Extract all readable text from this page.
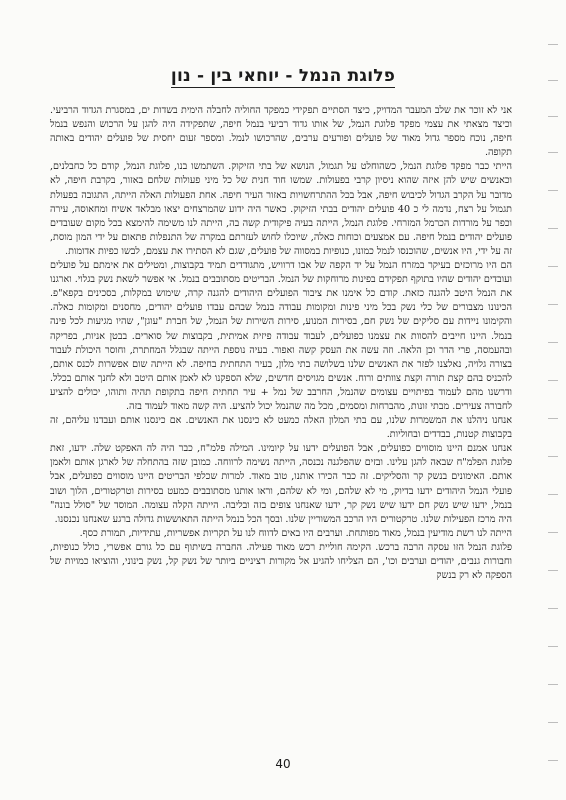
פלוגת הנמל - יוחאי בין - נון

אני לא זוכר את שלב המעבר המדויק, כיצד הסתיים תפקידי כמפקד החוליה לחבלה הימית בשדות ים, במסגרת הגדוד הרביעי. וכיצד מצאתי את עצמי מפקד פלוגת הנמל, של אותו גדוד רביעי בנמל חיפה, שתפקידה היה להגן על הרכוש והנפש בנמל חיפה, נוכח מספר גדול מאוד של פועלים ופורעים ערבים, שהרכושו לנמל. ומספר זעום יחסית של פועלים יהודים באותה תקופה.

הייתי כבר מפקד פלוגת הנמל, כשהוחלט על תגמול, הנושא של בתי הזיקוק. השתמשו בנו, פלוגת הנמל, קודם כל כחבלנים, וכאנשים שיש להן איזה שהוא ניסיון קרבי בפעולות. שמשו חוד חנית של כל מיני פעולות שלחם באזור, בקרבת חיפה, לא מדובר על הקרב הגדול לכיבוש חיפה, אבל בכל ההתרחשויות באזור העיר חיפה. אחת הפעולות האלה הייתה, התגובה בפעולת תגמול על רצח, נדמה לי כ 40 פועלים יהודים בבתי הזיקוק. כאשר היה ידוע שהמרצחים יצאו מבלאד אשיח ומחאוסה, עירה וכפר על מורדות הכרמל המזרחי. פלוגת הנמל, הייתה בעיה פיקודית קשה בה, הייתה לנו משימה להימצא בכל מקום שעובדים פועלים יהודים בנמל חיפה. עם אמצעים וכוחות כאלה, שיוכלו לחוש לעזרתם במקרה של התנפלות פתאום על ידי המון מוסת, זה על ידי, היו אנשים, שהוכנסו לנמל כמונו, כנופיות במסווה של פועלים, שגם לא הסתירו את עצמם, לבשו כפיות אדומות.

הם היו מרוכזים בעיקר במזרח הנמל על יד הקפה של אבו דרוויש, מתגודדים תמיד בקבוצות, ומטילים את אימתם על פועלים ועובדים יהודים שהיו בתוקף תפקידם בפינות מרוחקות של הנמל. הבריטים מסתובבים בנמל. אי אפשר לשאת נשק בגלוי. וארגנו את הנמל היטב להגנה כזאת. קודם כל אימנו את ציבור הפועלים היהודים להגנה קרה, שימוש במקלות, בסכינים בקפא"פ. הכינונו מצבורים של כלי נשק בכל מיני פינות ומקומות עבודה בנמל שבהם עבדו פועלים יהודים, מחסנים ומקומות כאלה. והקימונו ניידות עם סליקים של נשק חם, בסירות המנוע, סירות השירות של הנמל, של חברת "עוגן", שהיו מגיעות לכל פינה בנמל. היינו חייבים להסוות את עצמנו כפועלים, לעבוד עבודה פיזית אמיתית, בקבוצות של סוארים. בבטן אניות, בפריקה ובהעמסה, פרי הדר וכן הלאה. וזה עשה את העסק קשה ואפור. בעיה נוספת הייתה שבגלל המחתרת, וחוסר היכולת לעבוד בצורה גלויה, נאלצנו לפזר את האנשים שלנו בשלושה בתי מלון, בעיר התחתית בחיפה. לא הייתה שום אפשרות לכנס אותם, להכניס בהם קצת תורה וקצת צוותים ורוח. אנשים מגויסים חדשים, שלא הספקנו לא לאמן אותם היטב ולא לחנך אותם בכלל. ודרשנו מהם לעמוד בפיתויים עצומים שהנמל, החרבב של נמל + עיר תחתית חיפה בתקופת תהיה ותוהו, יכולים להציע לחבורה צעירים. מבתי זונות, מהברחות ומסמים, מכל מה שהנמל יכול להציע. היה קשה מאוד לעמוד בזה.

אנחנו ניהלנו את המשמרות שלנו, עם בתי המלון האלה כמעט לא כינסנו את האנשים. אם כינסנו אותם ועבדנו עליהם, זה בקבוצות קטנות, בבדדים ובחוליות.

אנחנו אמנם היינו מוסווים כפועלים, אבל הפועלים ידעו על קיומינו. המילה פלמ"ח, כבר היה לה האפקט שלה. ידעו, זאת פלוגת הפלמ"ח שבאה להגן עלינו. ובזים שהפלגנה נכנסה, הייתה נשימה לרווחה. כמובן שזה בהתחלה של לארגן אותם ולאמן אותם. האימונים בנשק קר והסליקים. זה כבר הכירו אותנו, טוב מאוד. למרות שכלפי הבריטים היינו מוסווים כפועלים, אבל פועלי הנמל היהודים ידעו בדיוק, מי לא שלהם, ומי לא שלהם, וראו אותנו מסתובבים כמעט בסירות וטרקטורים, הלוך ושוב בנמל, ידעו שיש נשק חם ידעו שיש נשק קר, ידעו שאנחנו צופים בזה ובליבה. הייתה הקלה עצומה. המוסד של "סולל בונה" היה מרכז הפעילות שלנו. טרקטורים היו הרכב המשוריין שלנו. ובסך הכל בנמל הייתה התאוששות גדולה ברגע שאנחנו נכנסנו.

הייתה לנו רשת מודיעין בנמל, מאוד מפותחת. וערבים היו באים לדווח לנו על תקריות אפשריות, עתידיות, תמורת כסף.

פלוגת הנמל הזו עסקה הרבה ברכש. הקימה חוליית רכש מאוד פעילה. החברה בשיתוף עם כל גורם אפשרי, כולל כנופיות, וחבורות גנבים, יהודים וערבים וכו', הם הצליחו להגיע אל מקורות רציניים ביותר של נשק קל, נשק בינוני, והוציאו כמויות של הספקה לא רק בנשק

40
